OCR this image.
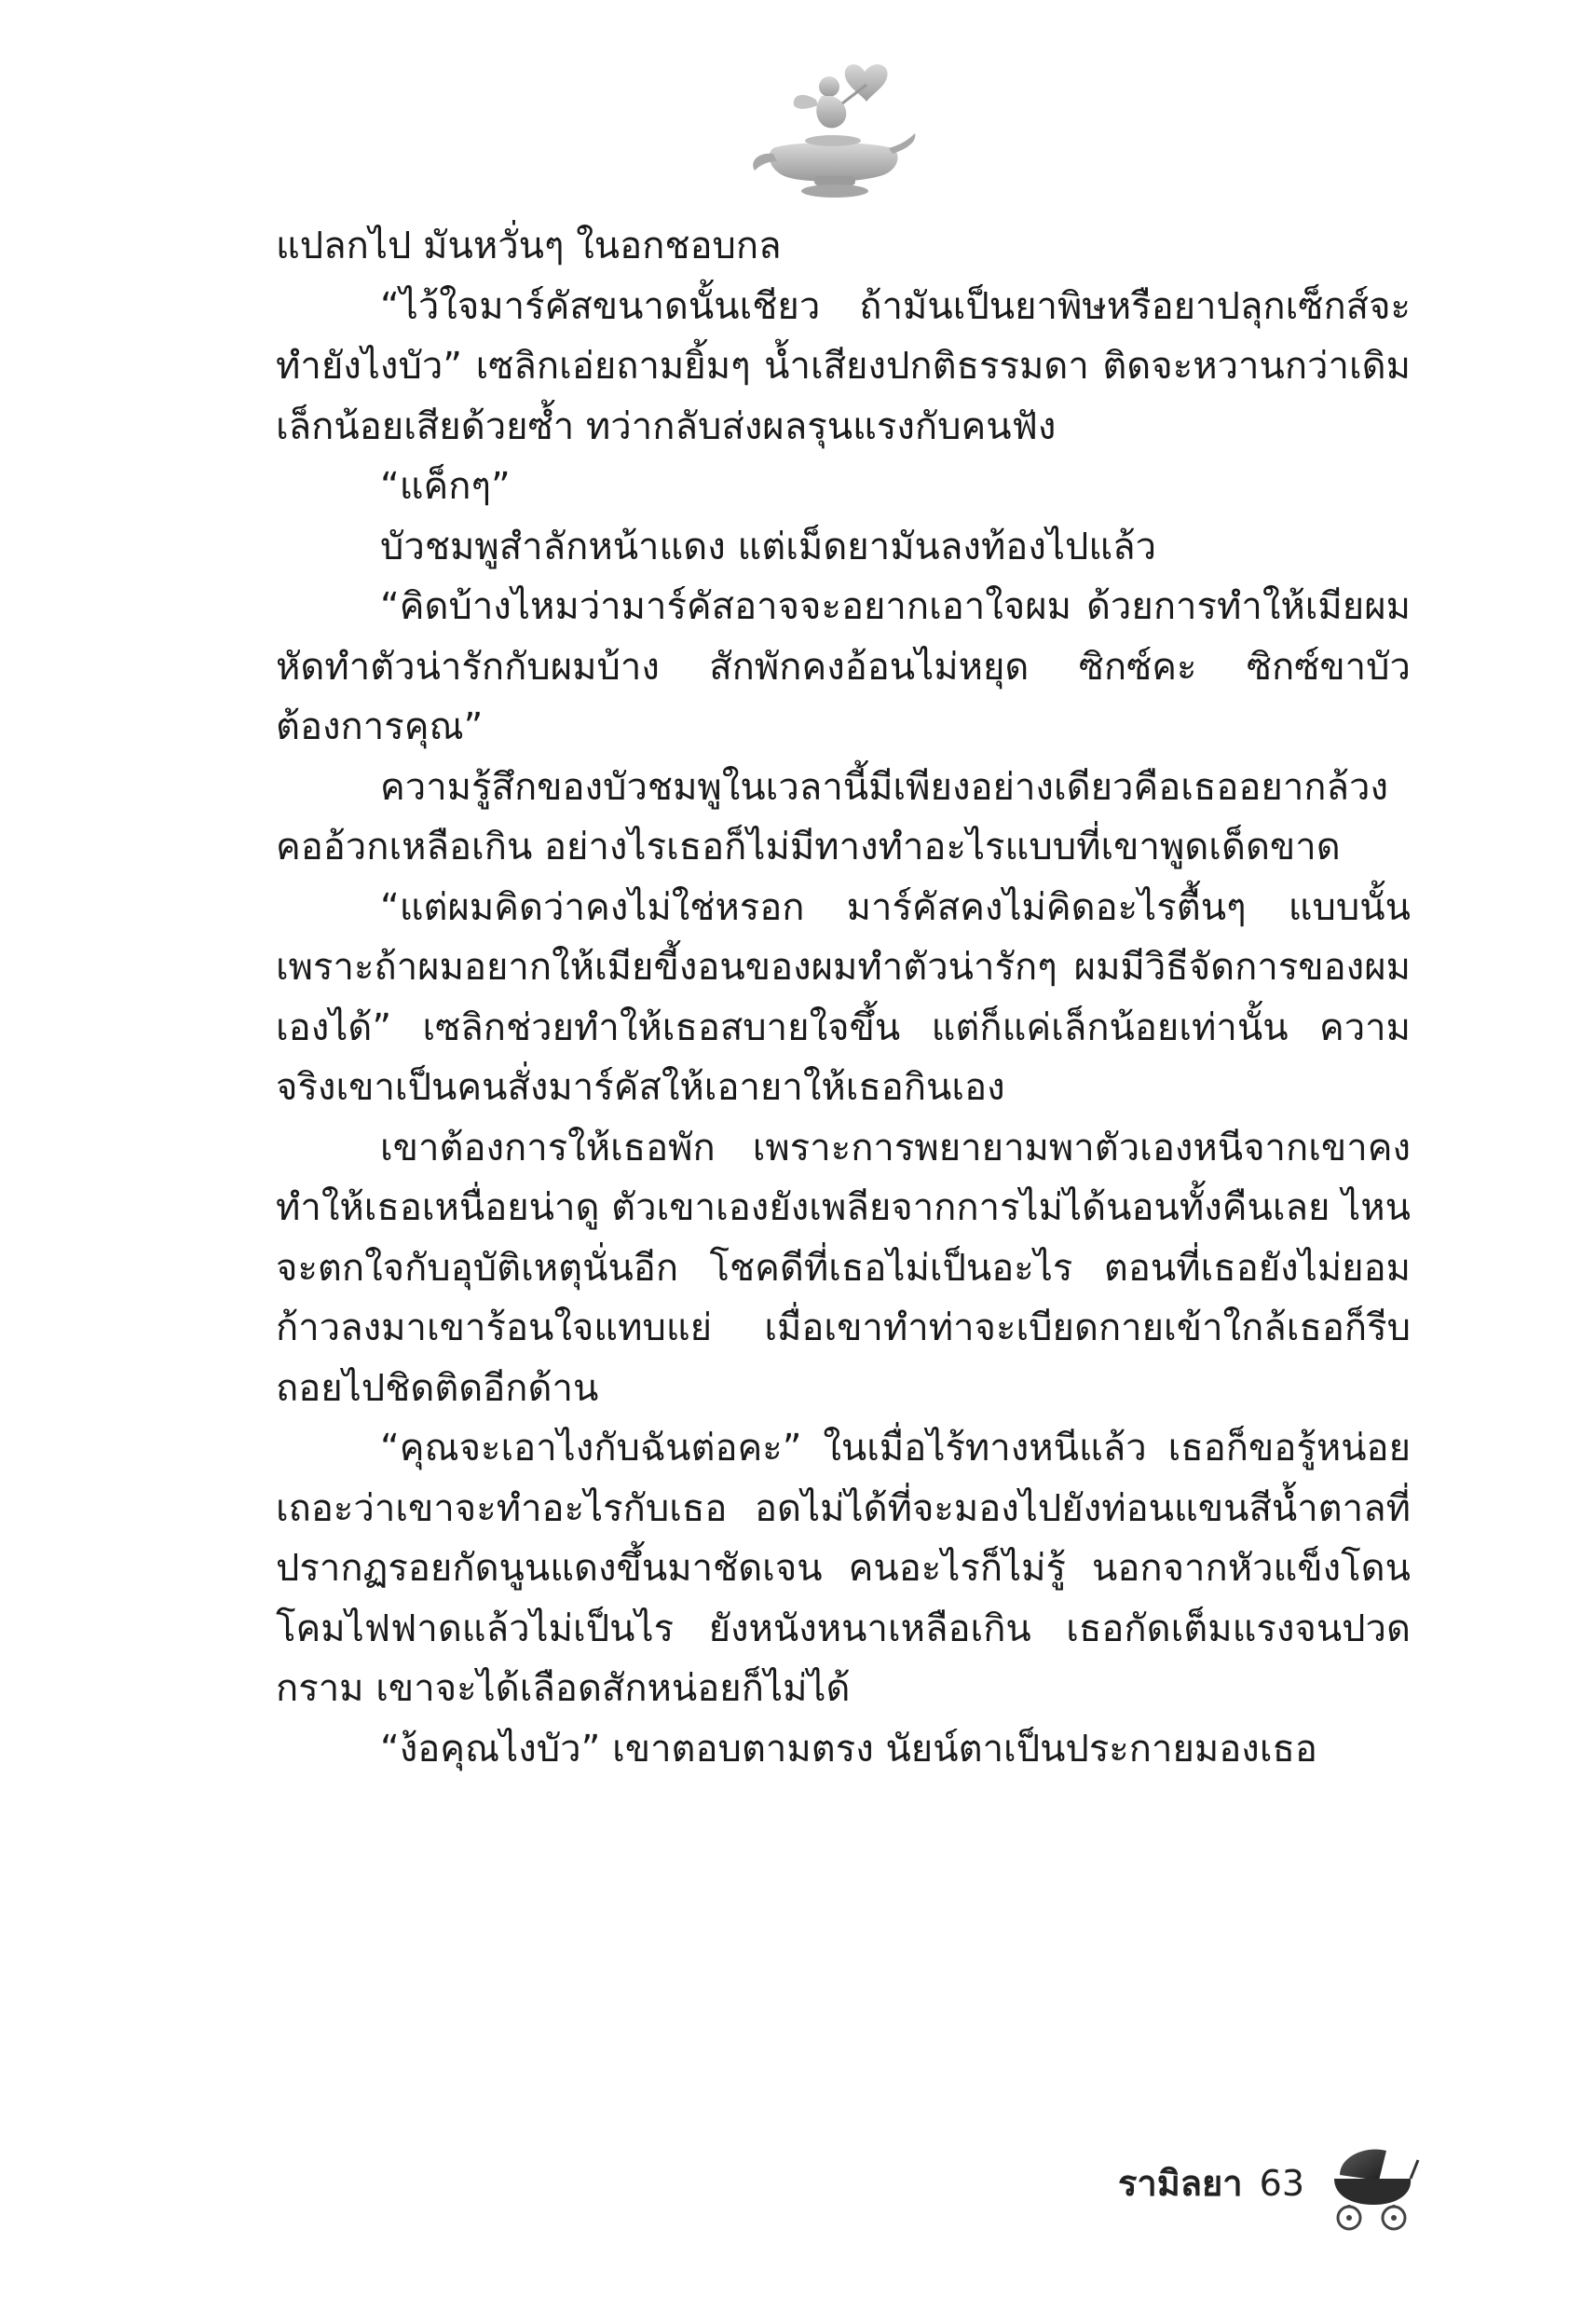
แปลกไป มันหวั่นๆ ในอกชอบกล

“ไว้ใจมาร์คัสขนาดนั้นเชียว ถ้ามันเป็นยาพิษหรือยาปลุกเซ็กส์จะทำยังไงบัว” เซลิกเอ่ยถามยิ้มๆ น้ำเสียงปกติธรรมดา ติดจะหวานกว่าเดิมเล็กน้อยเสียด้วยซ้ำ ทว่ากลับส่งผลรุนแรงกับคนฟัง

“แค็กๆ”

บัวชมพูสำลักหน้าแดง แต่เม็ดยามันลงท้องไปแล้ว

“คิดบ้างไหมว่ามาร์คัสอาจจะอยากเอาใจผม ด้วยการทำให้เมียผมหัดทำตัวน่ารักกับผมบ้าง สักพักคงอ้อนไม่หยุด ซิกซ์คะ ซิกซ์ขาบัวต้องการคุณ”

ความรู้สึกของบัวชมพูในเวลานี้มีเพียงอย่างเดียวคือเธออยากล้วงคออ้วกเหลือเกิน อย่างไรเธอก็ไม่มีทางทำอะไรแบบที่เขาพูดเด็ดขาด

“แต่ผมคิดว่าคงไม่ใช่หรอก มาร์คัสคงไม่คิดอะไรตื้นๆ แบบนั้น เพราะถ้าผมอยากให้เมียขี้งอนของผมทำตัวน่ารักๆ ผมมีวิธีจัดการของผมเองได้” เซลิกช่วยทำให้เธอสบายใจขึ้น แต่ก็แค่เล็กน้อยเท่านั้น ความจริงเขาเป็นคนสั่งมาร์คัสให้เอายาให้เธอกินเอง

เขาต้องการให้เธอพัก เพราะการพยายามพาตัวเองหนีจากเขาคงทำให้เธอเหนื่อยน่าดู ตัวเขาเองยังเพลียจากการไม่ได้นอนทั้งคืนเลย ไหนจะตกใจกับอุบัติเหตุนั่นอีก โชคดีที่เธอไม่เป็นอะไร ตอนที่เธอยังไม่ยอมก้าวลงมาเขาร้อนใจแทบแย่ เมื่อเขาทำท่าจะเบียดกายเข้าใกล้เธอก็รีบถอยไปชิดติดอีกด้าน

“คุณจะเอาไงกับฉันต่อคะ” ในเมื่อไร้ทางหนีแล้ว เธอก็ขอรู้หน่อยเถอะว่าเขาจะทำอะไรกับเธอ อดไม่ได้ที่จะมองไปยังท่อนแขนสีน้ำตาลที่ปรากฏรอยกัดนูนแดงขึ้นมาชัดเจน คนอะไรก็ไม่รู้ นอกจากหัวแข็งโดนโคมไฟฟาดแล้วไม่เป็นไร ยังหนังหนาเหลือเกิน เธอกัดเต็มแรงจนปวดกราม เขาจะได้เลือดสักหน่อยก็ไม่ได้

“ง้อคุณไงบัว” เขาตอบตามตรง นัยน์ตาเป็นประกายมองเธอ

รามิลยา 63
